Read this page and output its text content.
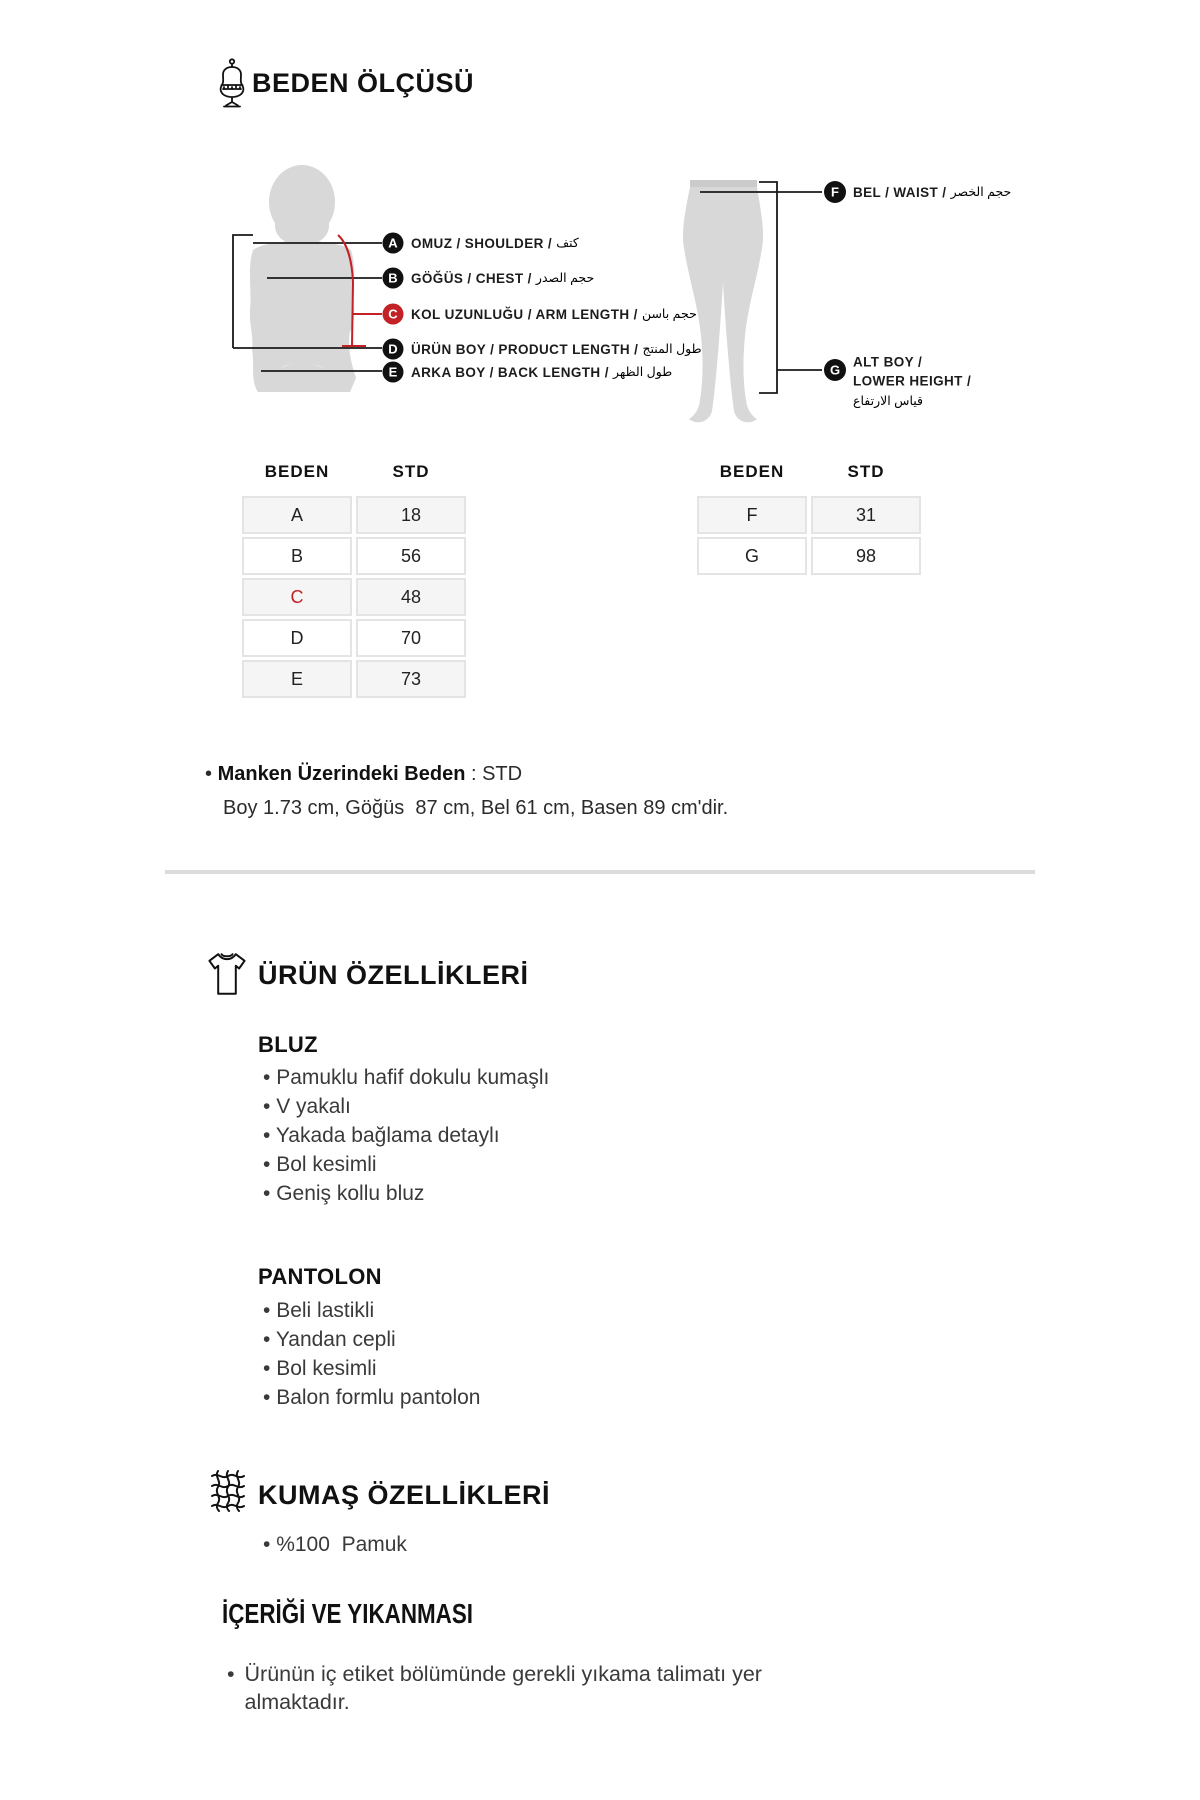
BEDEN ÖLÇÜSÜ
A
B
C
D
E
OMUZ / SHOULDER / كتف
GÖĞÜS / CHEST / حجم الصدر
KOL UZUNLUĞU / ARM LENGTH / حجم باسن
ÜRÜN BOY / PRODUCT LENGTH / طول المنتج
ARKA BOY / BACK LENGTH / طول الظهر
F
G
BEL / WAIST / حجم الخصر
ALT BOY /
LOWER HEIGHT /
قياس الارتفاع
BEDEN	STD
A	18
B	56
C	48
D	70
E	73
BEDEN	STD
F	31
G	98
• Manken Üzerindeki Beden : STD
Boy 1.73 cm, Göğüs  87 cm, Bel 61 cm, Basen 89 cm'dir.
ÜRÜN ÖZELLİKLERİ
BLUZ
• Pamuklu hafif dokulu kumaşlı
• V yakalı
• Yakada bağlama detaylı
• Bol kesimli
• Geniş kollu bluz
PANTOLON
• Beli lastikli
• Yandan cepli
• Bol kesimli
• Balon formlu pantolon
KUMAŞ ÖZELLİKLERİ
• %100  Pamuk
İÇERİĞİ VE YIKANMASI
• Ürünün iç etiket bölümünde gerekli yıkama talimatı yer almaktadır.
